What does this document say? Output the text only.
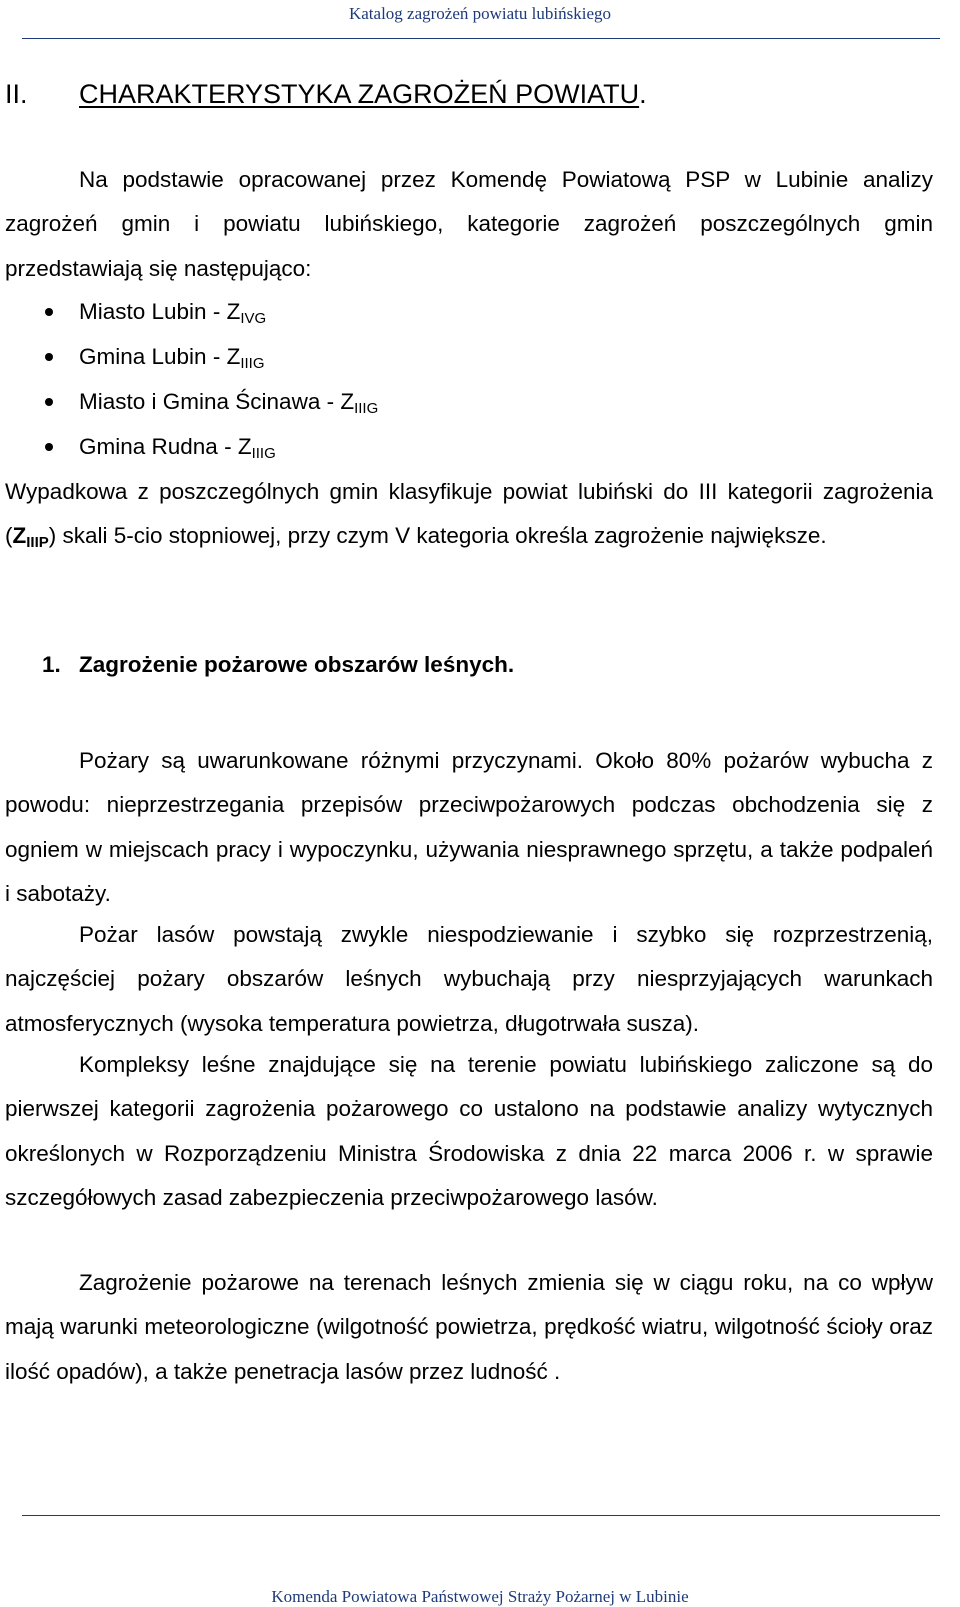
Katalog zagrożeń powiatu lubińskiego
II. CHARAKTERYSTYKA ZAGROŻEŃ POWIATU.

Na podstawie opracowanej przez Komendę Powiatową PSP w Lubinie analizy zagrożeń gmin i powiatu lubińskiego, kategorie zagrożeń poszczególnych gmin przedstawiają się następująco:

Miasto Lubin - $Z_{IVG}$
Gmina Lubin - $Z_{IIIG}$
Miasto i Gmina Ścinawa - $Z_{IIIG}$
Gmina Rudna - $Z_{IIIG}$

Wypadkowa z poszczególnych gmin klasyfikuje powiat lubiński do III kategorii zagrożenia $(Z_{IIIP})$ skali 5-cio stopniowej, przy czym V kategoria określa zagrożenie największe.

1. Zagrożenie pożarowe obszarów leśnych.

Pożary są uwarunkowane różnymi przyczynami. Około 80% pożarów wybucha z powodu: nieprzestrzegania przepisów przeciwpożarowych podczas obchodzenia się z ogniem w miejscach pracy i wypoczynku, używania niesprawnego sprzętu, a także podpaleń i sabotaży.

Pożar lasów powstają zwykle niespodziewanie i szybko się rozprzestrzenią, najczęściej pożary obszarów leśnych wybuchają przy niesprzyjających warunkach atmosferycznych (wysoka temperatura powietrza, długotrwała susza).

Kompleksy leśne znajdujące się na terenie powiatu lubińskiego zaliczone są do pierwszej kategorii zagrożenia pożarowego co ustalono na podstawie analizy wytycznych określonych w Rozporządzeniu Ministra Środowiska z dnia 22 marca 2006 r. w sprawie szczegółowych zasad zabezpieczenia przeciwpożarowego lasów.

Zagrożenie pożarowe na terenach leśnych zmienia się w ciągu roku, na co wpływ mają warunki meteorologiczne (wilgotność powietrza, prędkość wiatru, wilgotność ścioły oraz ilość opadów), a także penetracja lasów przez ludność .

Komenda Powiatowa Państwowej Straży Pożarnej w Lubinie
